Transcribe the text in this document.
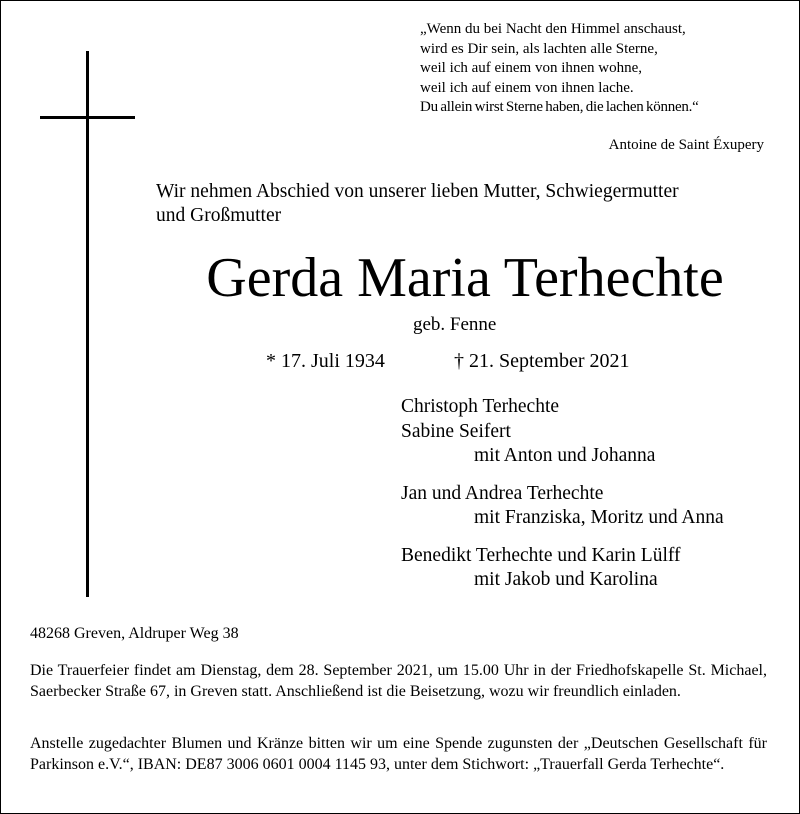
„Wenn du bei Nacht den Himmel anschaust,
wird es Dir sein, als lachten alle Sterne,
weil ich auf einem von ihnen wohne,
weil ich auf einem von ihnen lache.
Du allein wirst Sterne haben, die lachen können.“
Antoine de Saint Éxupery
Wir nehmen Abschied von unserer lieben Mutter, Schwiegermutter
und Großmutter
Gerda Maria Terhechte
geb. Fenne
* 17. Juli 1934	† 21. September 2021
Christoph Terhechte
Sabine Seifert
mit Anton und Johanna
Jan und Andrea Terhechte
mit Franziska, Moritz und Anna
Benedikt Terhechte und Karin Lülff
mit Jakob und Karolina
48268 Greven, Aldruper Weg 38
Die Trauerfeier findet am Dienstag, dem 28. September 2021, um 15.00 Uhr in der Friedhofskapelle St. Michael, Saerbecker Straße 67, in Greven statt. Anschließend ist die Beisetzung, wozu wir freundlich einladen.
Anstelle zugedachter Blumen und Kränze bitten wir um eine Spende zugunsten der „Deutschen Gesellschaft für Parkinson e.V.“, IBAN: DE87 3006 0601 0004 1145 93, unter dem Stichwort: „Trauerfall Gerda Terhechte“.
